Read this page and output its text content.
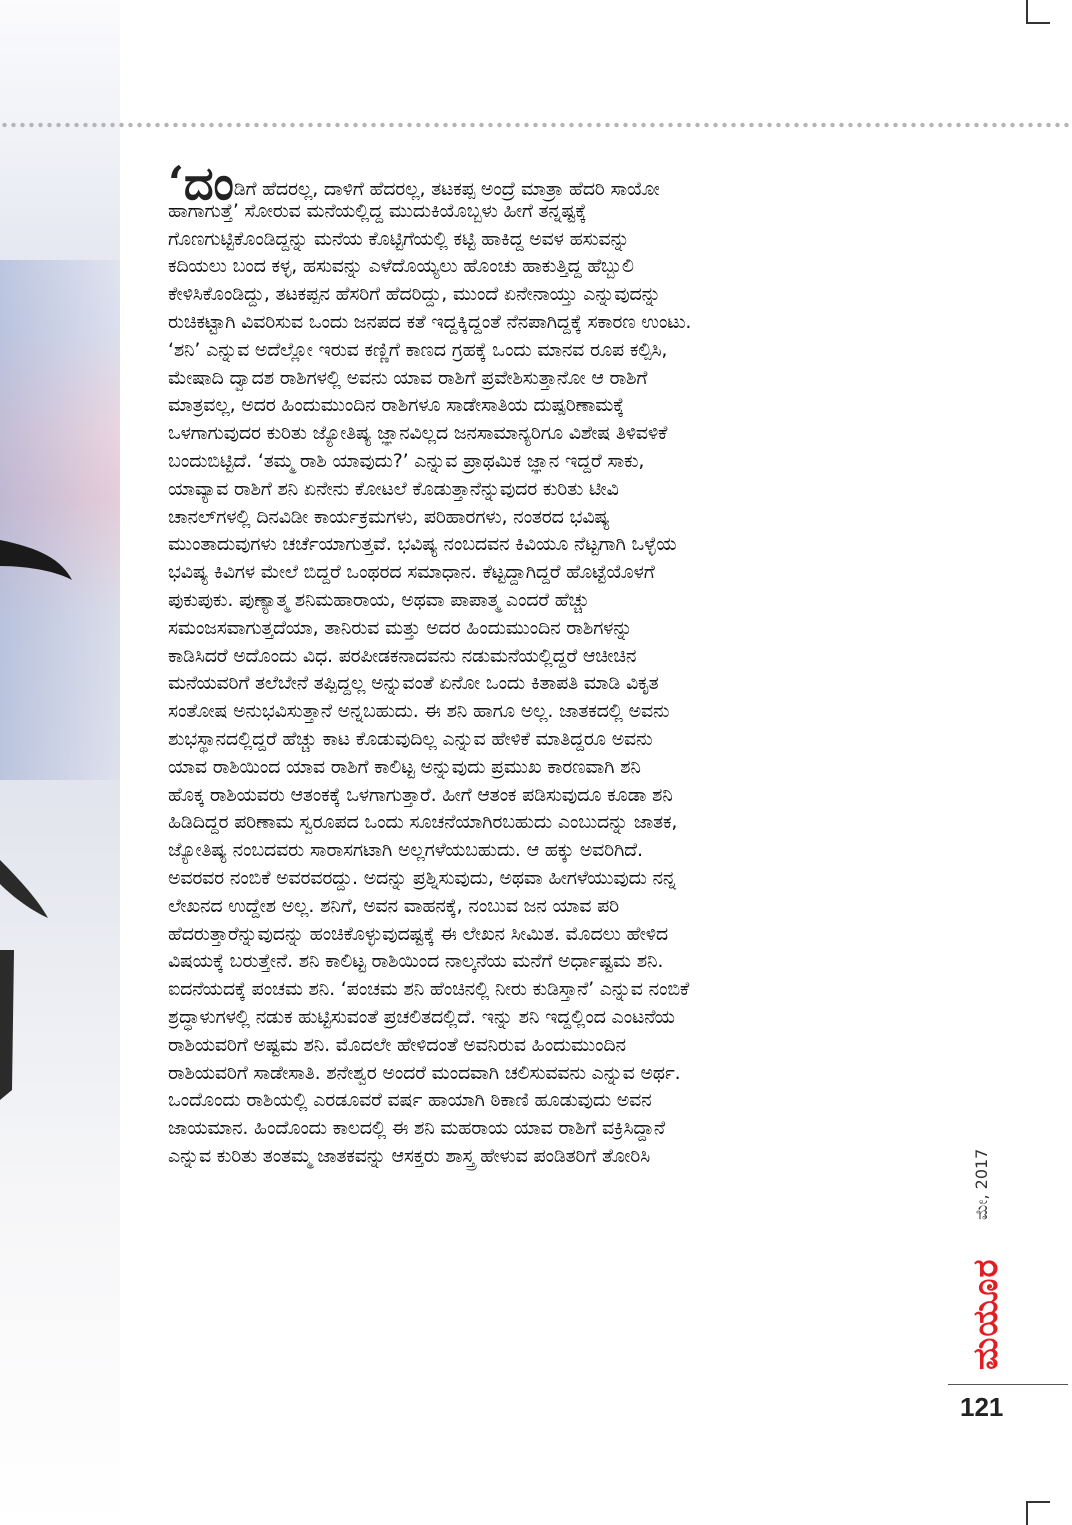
‘ದಂಡಿಗೆ ಹೆದರಲ್ಲ, ದಾಳಿಗೆ ಹೆದರಲ್ಲ, ತಟಕಪ್ಪ ಅಂದ್ರೆ ಮಾತ್ರಾ ಹೆದರಿ ಸಾಯೋ
ಹಾಗಾಗುತ್ತೆ’ ಸೋರುವ ಮನೆಯಲ್ಲಿದ್ದ ಮುದುಕಿಯೊಬ್ಬಳು ಹೀಗೆ ತನ್ನಷ್ಟಕ್ಕೆ
ಗೊಣಗುಟ್ಟಿಕೊಂಡಿದ್ದನ್ನು ಮನೆಯ ಕೊಟ್ಟಿಗೆಯಲ್ಲಿ ಕಟ್ಟಿ ಹಾಕಿದ್ದ ಅವಳ ಹಸುವನ್ನು
ಕದಿಯಲು ಬಂದ ಕಳ್ಳ, ಹಸುವನ್ನು ಎಳೆದೊಯ್ಯಲು ಹೊಂಚು ಹಾಕುತ್ತಿದ್ದ ಹೆಬ್ಬುಲಿ
ಕೇಳಿಸಿಕೊಂಡಿದ್ದು, ತಟಕಪ್ಪನ ಹೆಸರಿಗೆ ಹೆದರಿದ್ದು, ಮುಂದೆ ಏನೇನಾಯ್ತು ಎನ್ನುವುದನ್ನು
ರುಚಿಕಟ್ಟಾಗಿ ವಿವರಿಸುವ ಒಂದು ಜನಪದ ಕತೆ ಇದ್ದಕ್ಕಿದ್ದಂತೆ ನೆನಪಾಗಿದ್ದಕ್ಕೆ ಸಕಾರಣ ಉಂಟು.
‘ಶನಿ’ ಎನ್ನುವ ಅದೆಲ್ಲೋ ಇರುವ ಕಣ್ಣಿಗೆ ಕಾಣದ ಗ್ರಹಕ್ಕೆ ಒಂದು ಮಾನವ ರೂಪ ಕಲ್ಪಿಸಿ,
ಮೇಷಾದಿ ದ್ವಾದಶ ರಾಶಿಗಳಲ್ಲಿ ಅವನು ಯಾವ ರಾಶಿಗೆ ಪ್ರವೇಶಿಸುತ್ತಾನೋ ಆ ರಾಶಿಗೆ
ಮಾತ್ರವಲ್ಲ, ಅದರ ಹಿಂದುಮುಂದಿನ ರಾಶಿಗಳೂ ಸಾಡೇಸಾತಿಯ ದುಷ್ಪರಿಣಾಮಕ್ಕೆ
ಒಳಗಾಗುವುದರ ಕುರಿತು ಜ್ಯೋತಿಷ್ಯ ಜ್ಞಾನವಿಲ್ಲದ ಜನಸಾಮಾನ್ಯರಿಗೂ ವಿಶೇಷ ತಿಳಿವಳಿಕೆ
ಬಂದುಬಿಟ್ಟಿದೆ. ‘ತಮ್ಮ ರಾಶಿ ಯಾವುದು?’ ಎನ್ನುವ ಪ್ರಾಥಮಿಕ ಜ್ಞಾನ ಇದ್ದರೆ ಸಾಕು,
ಯಾವ್ಯಾವ ರಾಶಿಗೆ ಶನಿ ಏನೇನು ಕೋಟಲೆ ಕೊಡುತ್ತಾನೆನ್ನುವುದರ ಕುರಿತು ಟೀವಿ
ಚಾನಲ್‌ಗಳಲ್ಲಿ ದಿನವಿಡೀ ಕಾರ್ಯಕ್ರಮಗಳು, ಪರಿಹಾರಗಳು, ನಂತರದ ಭವಿಷ್ಯ
ಮುಂತಾದುವುಗಳು ಚರ್ಚೆಯಾಗುತ್ತವೆ. ಭವಿಷ್ಯ ನಂಬದವನ ಕಿವಿಯೂ ನೆಟ್ಟಗಾಗಿ ಒಳ್ಳೆಯ
ಭವಿಷ್ಯ ಕಿವಿಗಳ ಮೇಲೆ ಬಿದ್ದರೆ ಒಂಥರದ ಸಮಾಧಾನ. ಕೆಟ್ಟದ್ದಾಗಿದ್ದರೆ ಹೊಟ್ಟೆಯೊಳಗೆ
ಪುಕುಪುಕು. ಪುಣ್ಯಾತ್ಮ ಶನಿಮಹಾರಾಯ, ಅಥವಾ ಪಾಪಾತ್ಮ ಎಂದರೆ ಹೆಚ್ಚು
ಸಮಂಜಸವಾಗುತ್ತದೆಯಾ, ತಾನಿರುವ ಮತ್ತು ಅದರ ಹಿಂದುಮುಂದಿನ ರಾಶಿಗಳನ್ನು
ಕಾಡಿಸಿದರೆ ಅದೊಂದು ವಿಧ. ಪರಪೀಡಕನಾದವನು ನಡುಮನೆಯಲ್ಲಿದ್ದರೆ ಆಚೀಚಿನ
ಮನೆಯವರಿಗೆ ತಲೆಬೇನೆ ತಪ್ಪಿದ್ದಲ್ಲ ಅನ್ನುವಂತೆ ಏನೋ ಒಂದು ಕಿತಾಪತಿ ಮಾಡಿ ವಿಕೃತ
ಸಂತೋಷ ಅನುಭವಿಸುತ್ತಾನೆ ಅನ್ನಬಹುದು. ಈ ಶನಿ ಹಾಗೂ ಅಲ್ಲ. ಜಾತಕದಲ್ಲಿ ಅವನು
ಶುಭಸ್ಥಾನದಲ್ಲಿದ್ದರೆ ಹೆಚ್ಚು ಕಾಟ ಕೊಡುವುದಿಲ್ಲ ಎನ್ನುವ ಹೇಳಿಕೆ ಮಾತಿದ್ದರೂ ಅವನು
ಯಾವ ರಾಶಿಯಿಂದ ಯಾವ ರಾಶಿಗೆ ಕಾಲಿಟ್ಟ ಅನ್ನುವುದು ಪ್ರಮುಖ ಕಾರಣವಾಗಿ ಶನಿ
ಹೊಕ್ಕ ರಾಶಿಯವರು ಆತಂಕಕ್ಕೆ ಒಳಗಾಗುತ್ತಾರೆ. ಹೀಗೆ ಆತಂಕ ಪಡಿಸುವುದೂ ಕೂಡಾ ಶನಿ
ಹಿಡಿದಿದ್ದರ ಪರಿಣಾಮ ಸ್ವರೂಪದ ಒಂದು ಸೂಚನೆಯಾಗಿರಬಹುದು ಎಂಬುದನ್ನು ಜಾತಕ,
ಜ್ಯೋತಿಷ್ಯ ನಂಬದವರು ಸಾರಾಸಗಟಾಗಿ ಅಲ್ಲಗಳೆಯಬಹುದು. ಆ ಹಕ್ಕು ಅವರಿಗಿದೆ.
ಅವರವರ ನಂಬಿಕೆ ಅವರವರದ್ದು. ಅದನ್ನು ಪ್ರಶ್ನಿಸುವುದು, ಅಥವಾ ಹೀಗಳೆಯುವುದು ನನ್ನ
ಲೇಖನದ ಉದ್ದೇಶ ಅಲ್ಲ. ಶನಿಗೆ, ಅವನ ವಾಹನಕ್ಕೆ, ನಂಬುವ ಜನ ಯಾವ ಪರಿ
ಹೆದರುತ್ತಾರೆನ್ನುವುದನ್ನು ಹಂಚಿಕೊಳ್ಳುವುದಷ್ಟಕ್ಕೆ ಈ ಲೇಖನ ಸೀಮಿತ. ಮೊದಲು ಹೇಳಿದ
ವಿಷಯಕ್ಕೆ ಬರುತ್ತೇನೆ. ಶನಿ ಕಾಲಿಟ್ಟ ರಾಶಿಯಿಂದ ನಾಲ್ಕನೆಯ ಮನೆಗೆ ಅರ್ಧಾಷ್ಟಮ ಶನಿ.
ಐದನೆಯದಕ್ಕೆ ಪಂಚಮ ಶನಿ. ‘ಪಂಚಮ ಶನಿ ಹೆಂಚಿನಲ್ಲಿ ನೀರು ಕುಡಿಸ್ತಾನೆ’ ಎನ್ನುವ ನಂಬಿಕೆ
ಶ್ರದ್ಧಾಳುಗಳಲ್ಲಿ ನಡುಕ ಹುಟ್ಟಿಸುವಂತೆ ಪ್ರಚಲಿತದಲ್ಲಿದೆ. ಇನ್ನು ಶನಿ ಇದ್ದಲ್ಲಿಂದ ಎಂಟನೆಯ
ರಾಶಿಯವರಿಗೆ ಅಷ್ಟಮ ಶನಿ. ಮೊದಲೇ ಹೇಳಿದಂತೆ ಅವನಿರುವ ಹಿಂದುಮುಂದಿನ
ರಾಶಿಯವರಿಗೆ ಸಾಡೇಸಾತಿ. ಶನೇಶ್ವರ ಅಂದರೆ ಮಂದವಾಗಿ ಚಲಿಸುವವನು ಎನ್ನುವ ಅರ್ಥ.
ಒಂದೊಂದು ರಾಶಿಯಲ್ಲಿ ಎರಡೂವರೆ ವರ್ಷ ಹಾಯಾಗಿ ಠಿಕಾಣಿ ಹೂಡುವುದು ಅವನ
ಜಾಯಮಾನ. ಹಿಂದೊಂದು ಕಾಲದಲ್ಲಿ ಈ ಶನಿ ಮಹರಾಯ ಯಾವ ರಾಶಿಗೆ ವಕ್ರಿಸಿದ್ದಾನೆ
ಎನ್ನುವ ಕುರಿತು ತಂತಮ್ಮ ಜಾತಕವನ್ನು ಆಸಕ್ತರು ಶಾಸ್ತ್ರ ಹೇಳುವ ಪಂಡಿತರಿಗೆ ತೋರಿಸಿ	ಮೇ, 2017
ಮಯೂರ
121
